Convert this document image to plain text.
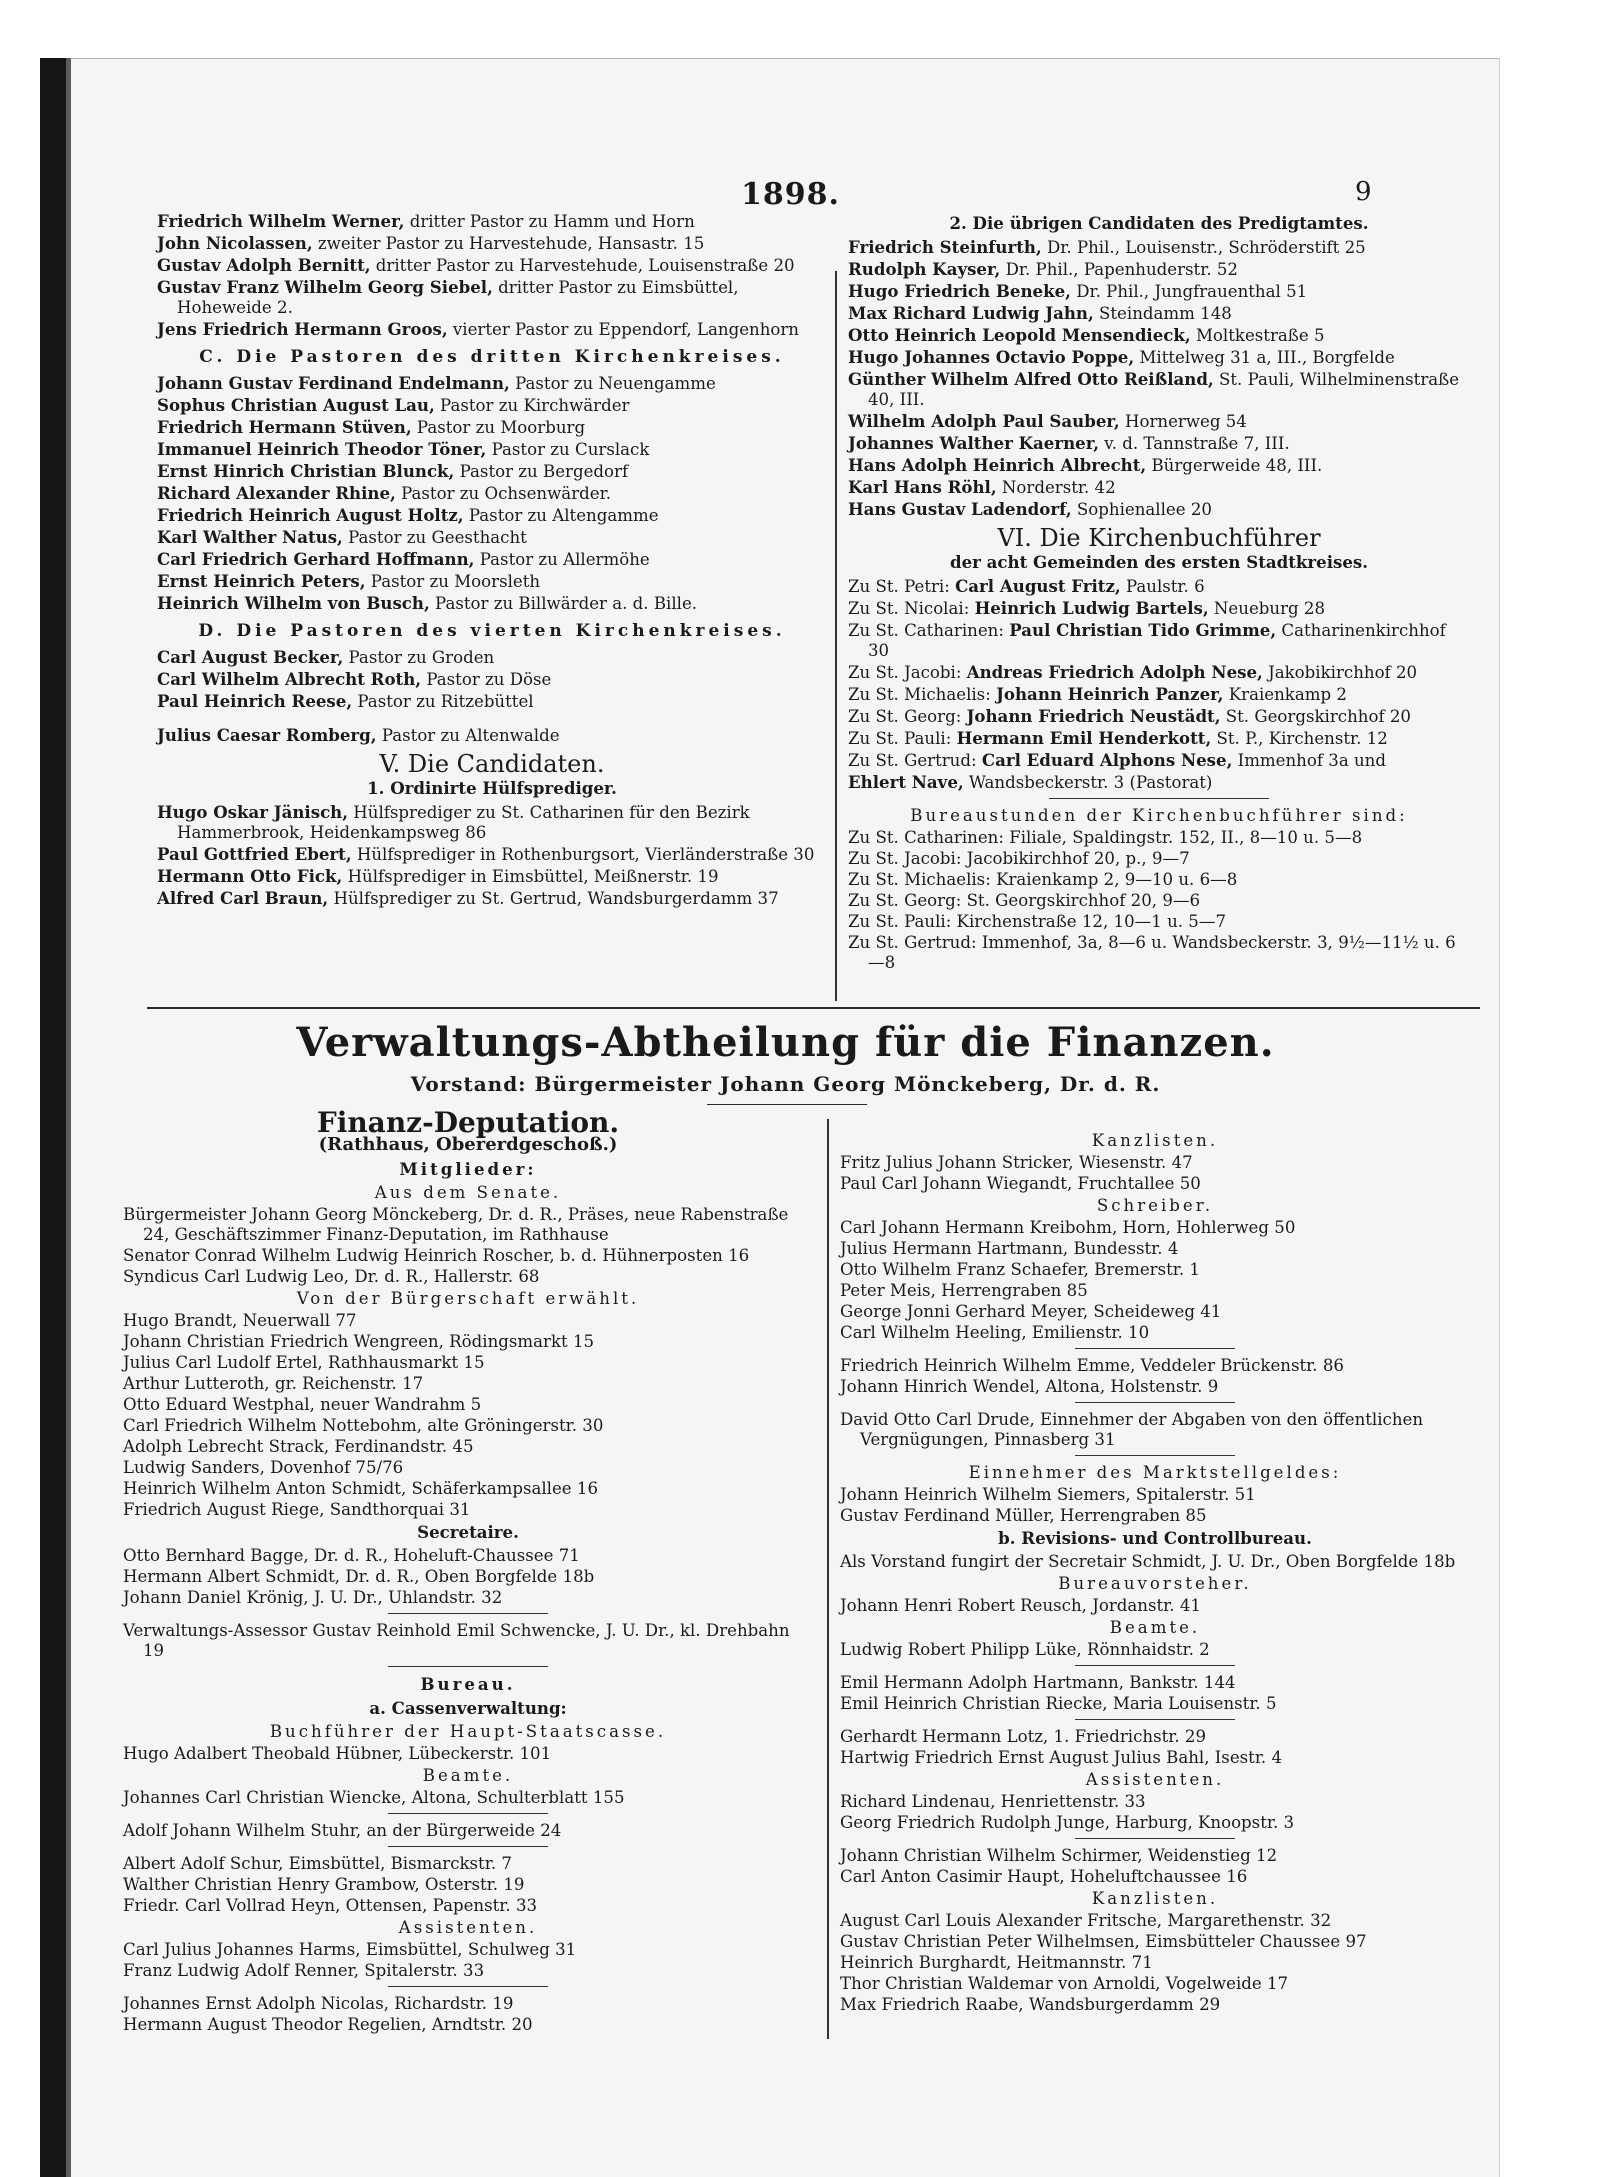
1898.	9
Friedrich Wilhelm Werner, dritter Pastor zu Hamm und Horn
John Nicolassen, zweiter Pastor zu Harvestehude, Hansastr. 15
Gustav Adolph Bernitt, dritter Pastor zu Harvestehude, Louisenstraße 20
Gustav Franz Wilhelm Georg Siebel, dritter Pastor zu Eimsbüttel, Hoheweide 2.
Jens Friedrich Hermann Groos, vierter Pastor zu Eppendorf, Langenhorn
C. Die Pastoren des dritten Kirchenkreises.
Johann Gustav Ferdinand Endelmann, Pastor zu Neuengamme
Sophus Christian August Lau, Pastor zu Kirchwärder
Friedrich Hermann Stüven, Pastor zu Moorburg
Immanuel Heinrich Theodor Töner, Pastor zu Curslack
Ernst Hinrich Christian Blunck, Pastor zu Bergedorf
Richard Alexander Rhine, Pastor zu Ochsenwärder.
Friedrich Heinrich August Holtz, Pastor zu Altengamme
Karl Walther Natus, Pastor zu Geesthacht
Carl Friedrich Gerhard Hoffmann, Pastor zu Allermöhe
Ernst Heinrich Peters, Pastor zu Moorsleth
Heinrich Wilhelm von Busch, Pastor zu Billwärder a. d. Bille.
D. Die Pastoren des vierten Kirchenkreises.
Carl August Becker, Pastor zu Groden
Carl Wilhelm Albrecht Roth, Pastor zu Döse
Paul Heinrich Reese, Pastor zu Ritzebüttel
Julius Caesar Romberg, Pastor zu Altenwalde
V. Die Candidaten.
1. Ordinirte Hülfsprediger.
Hugo Oskar Jänisch, Hülfsprediger zu St. Catharinen für den Bezirk Hammerbrook, Heidenkampsweg 86
Paul Gottfried Ebert, Hülfsprediger in Rothenburgsort, Vierländerstraße 30
Hermann Otto Fick, Hülfsprediger in Eimsbüttel, Meißnerstr. 19
Alfred Carl Braun, Hülfsprediger zu St. Gertrud, Wandsburgerdamm 37
2. Die übrigen Candidaten des Predigtamtes.
Friedrich Steinfurth, Dr. Phil., Louisenstr., Schröderstift 25
Rudolph Kayser, Dr. Phil., Papenhuderstr. 52
Hugo Friedrich Beneke, Dr. Phil., Jungfrauenthal 51
Max Richard Ludwig Jahn, Steindamm 148
Otto Heinrich Leopold Mensendieck, Moltkestraße 5
Hugo Johannes Octavio Poppe, Mittelweg 31 a, III., Borgfelde
Günther Wilhelm Alfred Otto Reißland, St. Pauli, Wilhelminenstraße 40, III.
Wilhelm Adolph Paul Sauber, Hornerweg 54
Johannes Walther Kaerner, v. d. Tannstraße 7, III.
Hans Adolph Heinrich Albrecht, Bürgerweide 48, III.
Karl Hans Röhl, Norderstr. 42
Hans Gustav Ladendorf, Sophienallee 20
VI. Die Kirchenbuchführer
der acht Gemeinden des ersten Stadtkreises.
Zu St. Petri: Carl August Fritz, Paulstr. 6
Zu St. Nicolai: Heinrich Ludwig Bartels, Neueburg 28
Zu St. Catharinen: Paul Christian Tido Grimme, Catharinenkirchhof 30
Zu St. Jacobi: Andreas Friedrich Adolph Nese, Jakobikirchhof 20
Zu St. Michaelis: Johann Heinrich Panzer, Kraienkamp 2
Zu St. Georg: Johann Friedrich Neustädt, St. Georgskirchhof 20
Zu St. Pauli: Hermann Emil Henderkott, St. P., Kirchenstr. 12
Zu St. Gertrud: Carl Eduard Alphons Nese, Immenhof 3a und
Ehlert Nave, Wandsbeckerstr. 3 (Pastorat)
Bureaustunden der Kirchenbuchführer sind:
Zu St. Catharinen: Filiale, Spaldingstr. 152, II., 8—10 u. 5—8
Zu St. Jacobi: Jacobikirchhof 20, p., 9—7
Zu St. Michaelis: Kraienkamp 2, 9—10 u. 6—8
Zu St. Georg: St. Georgskirchhof 20, 9—6
Zu St. Pauli: Kirchenstraße 12, 10—1 u. 5—7
Zu St. Gertrud: Immenhof, 3a, 8—6 u. Wandsbeckerstr. 3, 9½—11½ u. 6—8
Verwaltungs-Abtheilung für die Finanzen.
Vorstand: Bürgermeister Johann Georg Mönckeberg, Dr. d. R.
Finanz-Deputation.
(Rathhaus, Obererdgeschoß.)
Mitglieder:
Aus dem Senate.
Bürgermeister Johann Georg Mönckeberg, Dr. d. R., Präses, neue Rabenstraße 24, Geschäftszimmer Finanz-Deputation, im Rathhause
Senator Conrad Wilhelm Ludwig Heinrich Roscher, b. d. Hühnerposten 16
Syndicus Carl Ludwig Leo, Dr. d. R., Hallerstr. 68
Von der Bürgerschaft erwählt.
Hugo Brandt, Neuerwall 77
Johann Christian Friedrich Wengreen, Rödingsmarkt 15
Julius Carl Ludolf Ertel, Rathhausmarkt 15
Arthur Lutteroth, gr. Reichenstr. 17
Otto Eduard Westphal, neuer Wandrahm 5
Carl Friedrich Wilhelm Nottebohm, alte Gröningerstr. 30
Adolph Lebrecht Strack, Ferdinandstr. 45
Ludwig Sanders, Dovenhof 75/76
Heinrich Wilhelm Anton Schmidt, Schäferkampsallee 16
Friedrich August Riege, Sandthorquai 31
Secretaire.
Otto Bernhard Bagge, Dr. d. R., Hoheluft-Chaussee 71
Hermann Albert Schmidt, Dr. d. R., Oben Borgfelde 18b
Johann Daniel Krönig, J. U. Dr., Uhlandstr. 32
Verwaltungs-Assessor Gustav Reinhold Emil Schwencke, J. U. Dr., kl. Drehbahn 19
Bureau.
a. Cassenverwaltung:
Buchführer der Haupt-Staatscasse.
Hugo Adalbert Theobald Hübner, Lübeckerstr. 101
Beamte.
Johannes Carl Christian Wiencke, Altona, Schulterblatt 155
Adolf Johann Wilhelm Stuhr, an der Bürgerweide 24
Albert Adolf Schur, Eimsbüttel, Bismarckstr. 7
Walther Christian Henry Grambow, Osterstr. 19
Friedr. Carl Vollrad Heyn, Ottensen, Papenstr. 33
Assistenten.
Carl Julius Johannes Harms, Eimsbüttel, Schulweg 31
Franz Ludwig Adolf Renner, Spitalerstr. 33
Johannes Ernst Adolph Nicolas, Richardstr. 19
Hermann August Theodor Regelien, Arndtstr. 20
Kanzlisten.
Fritz Julius Johann Stricker, Wiesenstr. 47
Paul Carl Johann Wiegandt, Fruchtallee 50
Schreiber.
Carl Johann Hermann Kreibohm, Horn, Hohlerweg 50
Julius Hermann Hartmann, Bundesstr. 4
Otto Wilhelm Franz Schaefer, Bremerstr. 1
Peter Meis, Herrengraben 85
George Jonni Gerhard Meyer, Scheideweg 41
Carl Wilhelm Heeling, Emilienstr. 10
Friedrich Heinrich Wilhelm Emme, Veddeler Brückenstr. 86
Johann Hinrich Wendel, Altona, Holstenstr. 9
David Otto Carl Drude, Einnehmer der Abgaben von den öffentlichen Vergnügungen, Pinnasberg 31
Einnehmer des Marktstellgeldes:
Johann Heinrich Wilhelm Siemers, Spitalerstr. 51
Gustav Ferdinand Müller, Herrengraben 85
b. Revisions- und Controllbureau.
Als Vorstand fungirt der Secretair Schmidt, J. U. Dr., Oben Borgfelde 18b
Bureauvorsteher.
Johann Henri Robert Reusch, Jordanstr. 41
Beamte.
Ludwig Robert Philipp Lüke, Rönnhaidstr. 2
Emil Hermann Adolph Hartmann, Bankstr. 144
Emil Heinrich Christian Riecke, Maria Louisenstr. 5
Gerhardt Hermann Lotz, 1. Friedrichstr. 29
Hartwig Friedrich Ernst August Julius Bahl, Isestr. 4
Assistenten.
Richard Lindenau, Henriettenstr. 33
Georg Friedrich Rudolph Junge, Harburg, Knoopstr. 3
Johann Christian Wilhelm Schirmer, Weidenstieg 12
Carl Anton Casimir Haupt, Hoheluftchaussee 16
Kanzlisten.
August Carl Louis Alexander Fritsche, Margarethenstr. 32
Gustav Christian Peter Wilhelmsen, Eimsbütteler Chaussee 97
Heinrich Burghardt, Heitmannstr. 71
Thor Christian Waldemar von Arnoldi, Vogelweide 17
Max Friedrich Raabe, Wandsburgerdamm 29
